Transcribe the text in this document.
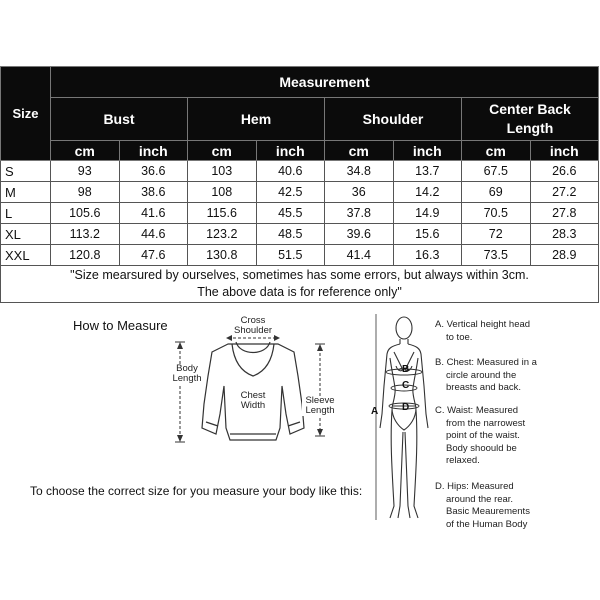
Size	Measurement							
	Bust		Hem		Shoulder		Center Back
Length	
	cm	inch	cm	inch	cm	inch	cm	inch
S	93	36.6	103	40.6	34.8	13.7	67.5	26.6
M	98	38.6	108	42.5	36	14.2	69	27.2
L	105.6	41.6	115.6	45.5	37.8	14.9	70.5	27.8
XL	113.2	44.6	123.2	48.5	39.6	15.6	72	28.3
XXL	120.8	47.6	130.8	51.5	41.4	16.3	73.5	28.9
"Size mearsured by ourselves, sometimes has some errors, but always within 3cm.
The above data is for reference only"								
How to Measure	Cross
Shoulder
Body
Length
Chest
Width	Sleeve
Length	A
B
C
D
A. Vertical height head
to toe.
B. Chest: Measured in a
circle around the
breasts and back.
C. Waist: Measured
from the narrowest
point of the waist.
Body shoould be
relaxed.
D. Hips: Measured
around the rear.
Basic Meaurements
of the Human Body
To choose the correct size for you measure your body like this:
